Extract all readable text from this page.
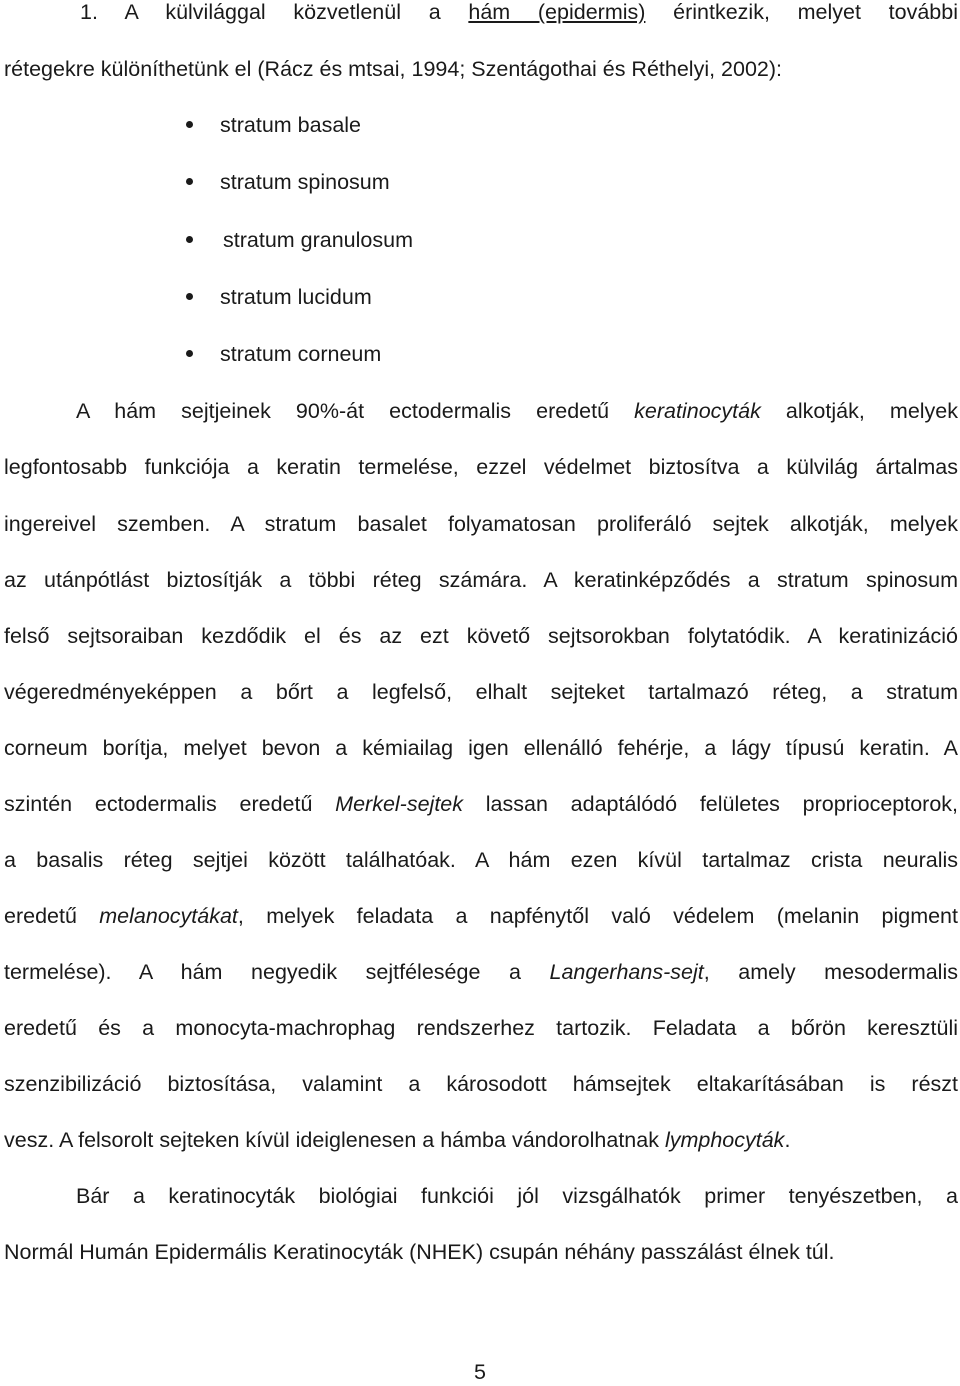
1. A külvilággal közvetlenül a hám (epidermis) érintkezik, melyet további
rétegekre különíthetünk el (Rácz és mtsai, 1994; Szentágothai és Réthelyi, 2002):
stratum basale
stratum spinosum
stratum granulosum
stratum lucidum
stratum corneum
A hám sejtjeinek 90%-át ectodermalis eredetű keratinocyták alkotják, melyek
legfontosabb funkciója a keratin termelése, ezzel védelmet biztosítva a külvilág ártalmas
ingereivel szemben. A stratum basalet folyamatosan proliferáló sejtek alkotják, melyek
az utánpótlást biztosítják a többi réteg számára. A keratinképződés a stratum spinosum
felső sejtsoraiban kezdődik el és az ezt követő sejtsorokban folytatódik. A keratinizáció
végeredményeképpen a bőrt a legfelső, elhalt sejteket tartalmazó réteg, a stratum
corneum borítja, melyet bevon a kémiailag igen ellenálló fehérje, a lágy típusú keratin. A
szintén ectodermalis eredetű Merkel-sejtek lassan adaptálódó felületes proprioceptorok,
a basalis réteg sejtjei között találhatóak. A hám ezen kívül tartalmaz crista neuralis
eredetű melanocytákat, melyek feladata a napfénytől való védelem (melanin pigment
termelése). A hám negyedik sejtfélesége a Langerhans-sejt, amely mesodermalis
eredetű és a monocyta-machrophag rendszerhez tartozik. Feladata a bőrön keresztüli
szenzibilizáció biztosítása, valamint a károsodott hámsejtek eltakarításában is részt
vesz. A felsorolt sejteken kívül ideiglenesen a hámba vándorolhatnak lymphocyták.
Bár a keratinocyták biológiai funkciói jól vizsgálhatók primer tenyészetben, a
Normál Humán Epidermális Keratinocyták (NHEK) csupán néhány passzálást élnek túl.
5
